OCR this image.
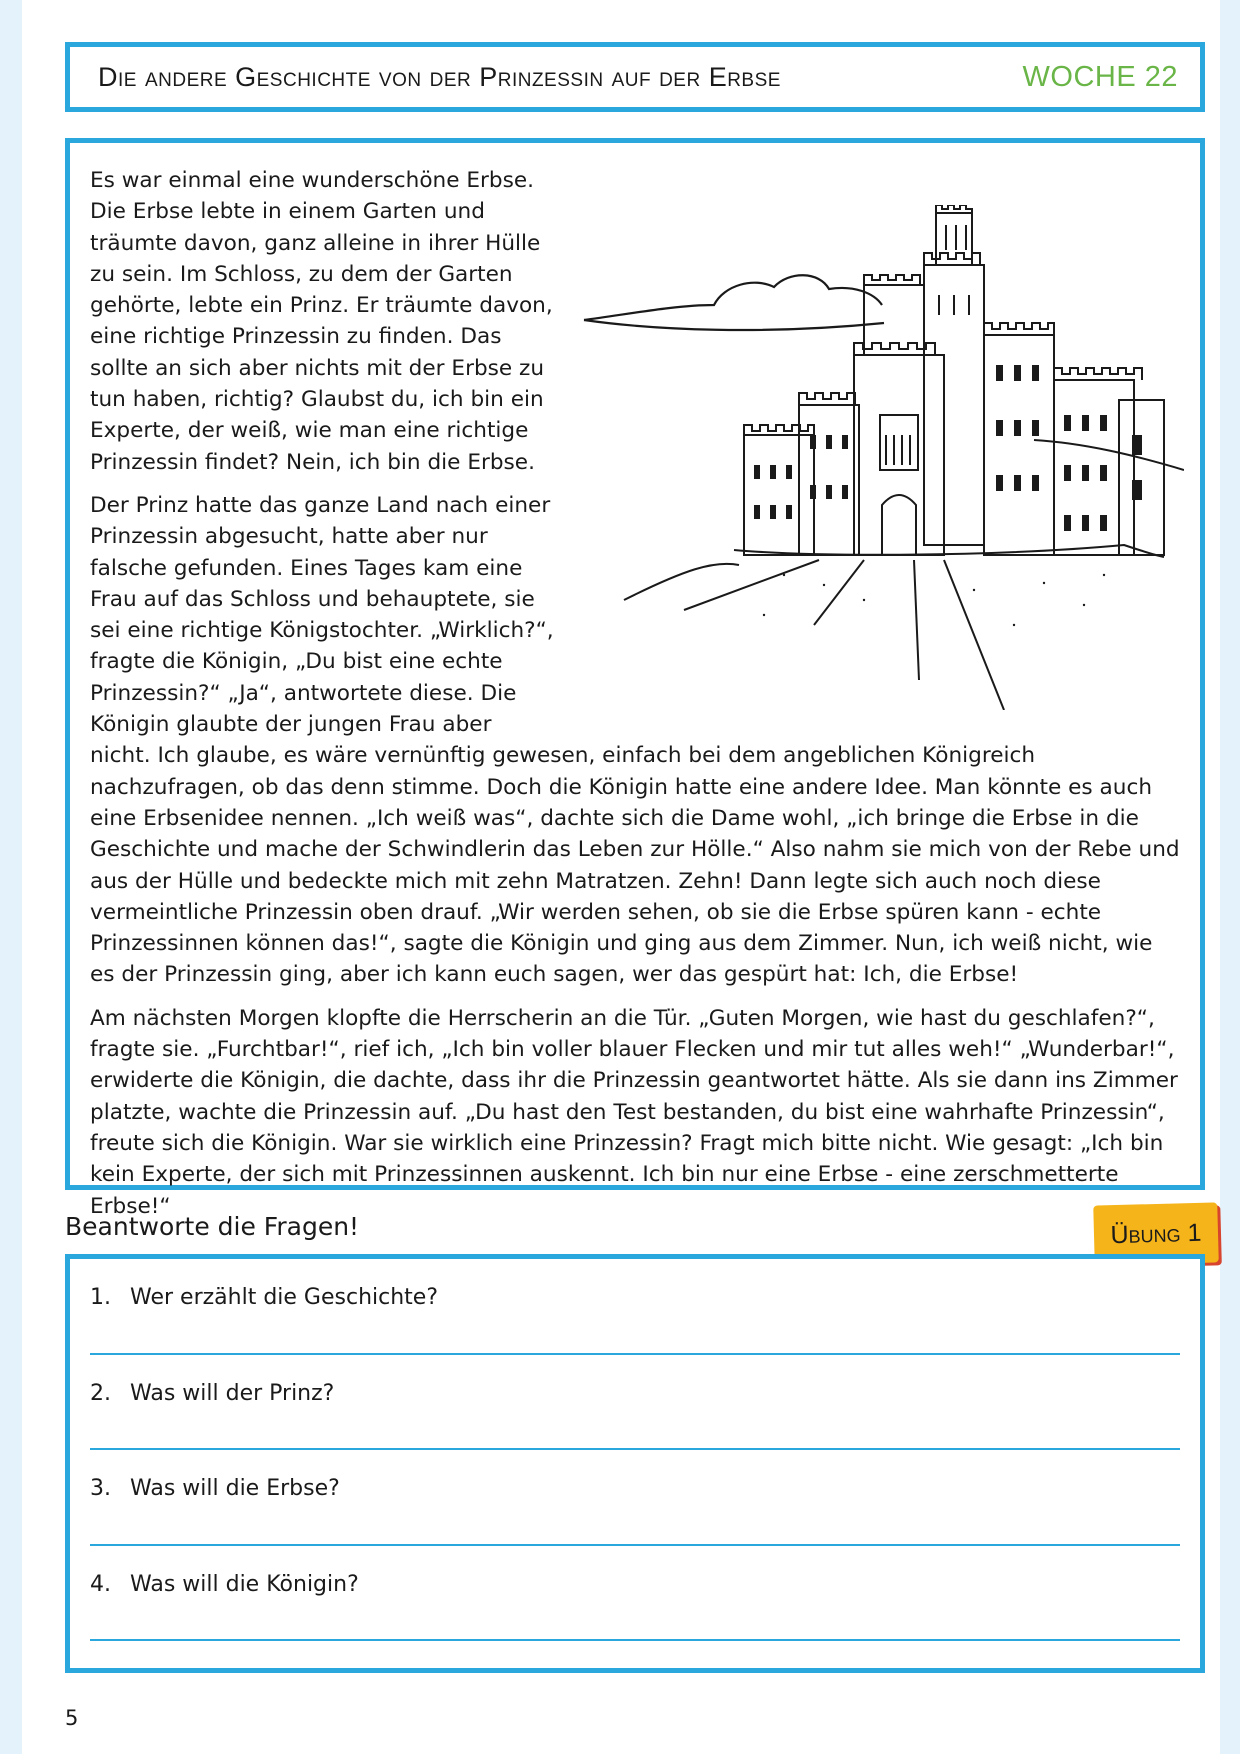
Die andere Geschichte von der Prinzessin auf der Erbse	WOCHE 22

Es war einmal eine wunderschöne Erbse. Die Erbse lebte in einem Garten und träumte davon, ganz alleine in ihrer Hülle zu sein. Im Schloss, zu dem der Garten gehörte, lebte ein Prinz. Er träumte davon, eine richtige Prinzessin zu finden. Das sollte an sich aber nichts mit der Erbse zu tun haben, richtig? Glaubst du, ich bin ein Experte, der weiß, wie man eine richtige Prinzessin findet? Nein, ich bin die Erbse.

Der Prinz hatte das ganze Land nach einer Prinzessin abgesucht, hatte aber nur falsche gefunden. Eines Tages kam eine Frau auf das Schloss und behauptete, sie sei eine richtige Königstochter. „Wirklich?“, fragte die Königin, „Du bist eine echte Prinzessin?“ „Ja“, antwortete diese. Die Königin glaubte der jungen Frau aber nicht. Ich glaube, es wäre vernünftig gewesen, einfach bei dem angeblichen Königreich nachzufragen, ob das denn stimme. Doch die Königin hatte eine andere Idee. Man könnte es auch eine Erbsenidee nennen. „Ich weiß was“, dachte sich die Dame wohl, „ich bringe die Erbse in die Geschichte und mache der Schwindlerin das Leben zur Hölle.“ Also nahm sie mich von der Rebe und aus der Hülle und bedeckte mich mit zehn Matratzen. Zehn! Dann legte sich auch noch diese vermeintliche Prinzessin oben drauf. „Wir werden sehen, ob sie die Erbse spüren kann - echte Prinzessinnen können das!“, sagte die Königin und ging aus dem Zimmer. Nun, ich weiß nicht, wie es der Prinzessin ging, aber ich kann euch sagen, wer das gespürt hat: Ich, die Erbse!

Am nächsten Morgen klopfte die Herrscherin an die Tür. „Guten Morgen, wie hast du geschlafen?“, fragte sie. „Furchtbar!“, rief ich, „Ich bin voller blauer Flecken und mir tut alles weh!“ „Wunderbar!“, erwiderte die Königin, die dachte, dass ihr die Prinzessin geantwortet hätte. Als sie dann ins Zimmer platzte, wachte die Prinzessin auf. „Du hast den Test bestanden, du bist eine wahrhafte Prinzessin“, freute sich die Königin. War sie wirklich eine Prinzessin? Fragt mich bitte nicht. Wie gesagt: „Ich bin kein Experte, der sich mit Prinzessinnen auskennt. Ich bin nur eine Erbse - eine zerschmetterte Erbse!“

Beantworte die Fragen!	Übung 1
1. Wer erzählt die Geschichte?
2. Was will der Prinz?
3. Was will die Erbse?
4. Was will die Königin?
5
